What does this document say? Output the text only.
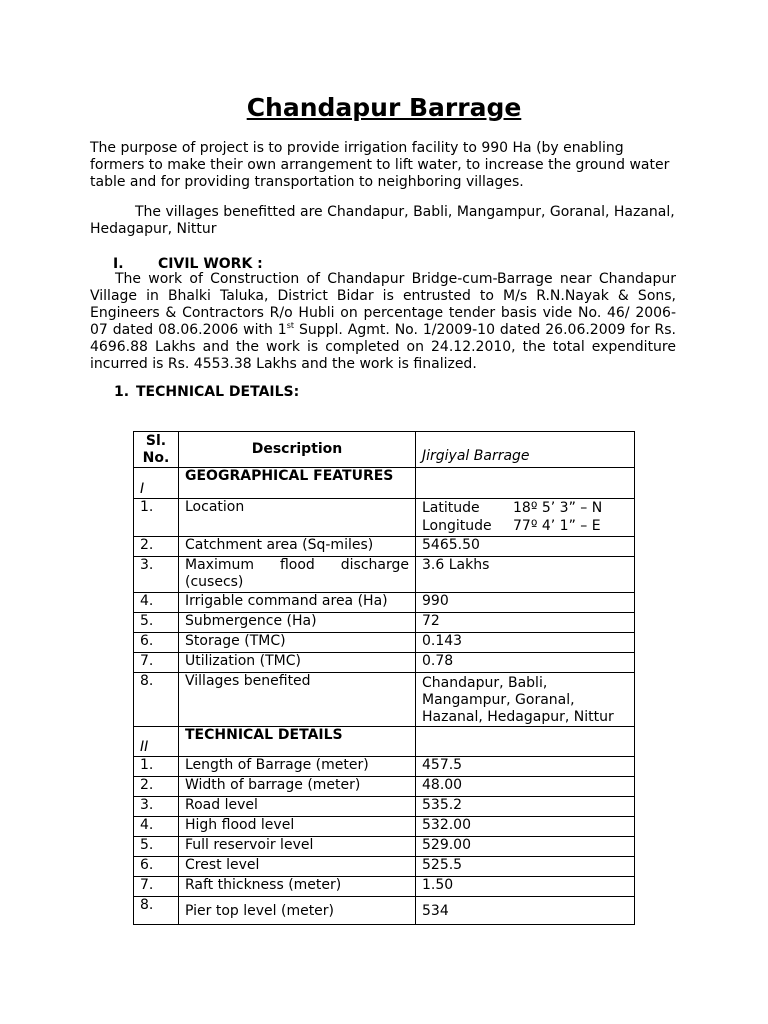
Chandapur Barrage

The purpose of project is to provide irrigation facility to 990 Ha (by enabling formers to make their own arrangement to lift water, to increase the ground water table and for providing transportation to neighboring villages.

The villages benefitted are Chandapur, Babli, Mangampur, Goranal, Hazanal, Hedagapur, Nittur

I. CIVIL WORK :

The work of Construction of Chandapur Bridge-cum-Barrage near Chandapur Village in Bhalki Taluka, District Bidar is entrusted to M/s R.N.Nayak & Sons, Engineers & Contractors R/o Hubli on percentage tender basis vide No. 46/ 2006-07 dated 08.06.2006 with 1st Suppl. Agmt. No. 1/2009-10 dated 26.06.2009 for Rs. 4696.88 Lakhs and the work is completed on 24.12.2010, the total expenditure incurred is Rs. 4553.38 Lakhs and the work is finalized.

1. TECHNICAL DETAILS:
Sl.
No.	Description	Jirgiyal Barrage
I	GEOGRAPHICAL FEATURES	
1.	Location	Latitude 18º 5’ 3” – N
Longitude 77º 4’ 1” – E

2.	Catchment area (Sq-miles)	5465.50
3.	Maximum flood discharge
(cusecs)	3.6 Lakhs
4.	Irrigable command area (Ha)	990
5.	Submergence (Ha)	72
6.	Storage (TMC)	0.143
7.	Utilization (TMC)	0.78
8.	Villages benefited	Chandapur, Babli, Mangampur, Goranal, Hazanal, Hedagapur, Nittur
II	TECHNICAL DETAILS	
1.	Length of Barrage (meter)	457.5
2.	Width of barrage (meter)	48.00
3.	Road level	535.2
4.	High flood level	532.00
5.	Full reservoir level	529.00
6.	Crest level	525.5
7.	Raft thickness (meter)	1.50
8.	Pier top level (meter)	534
